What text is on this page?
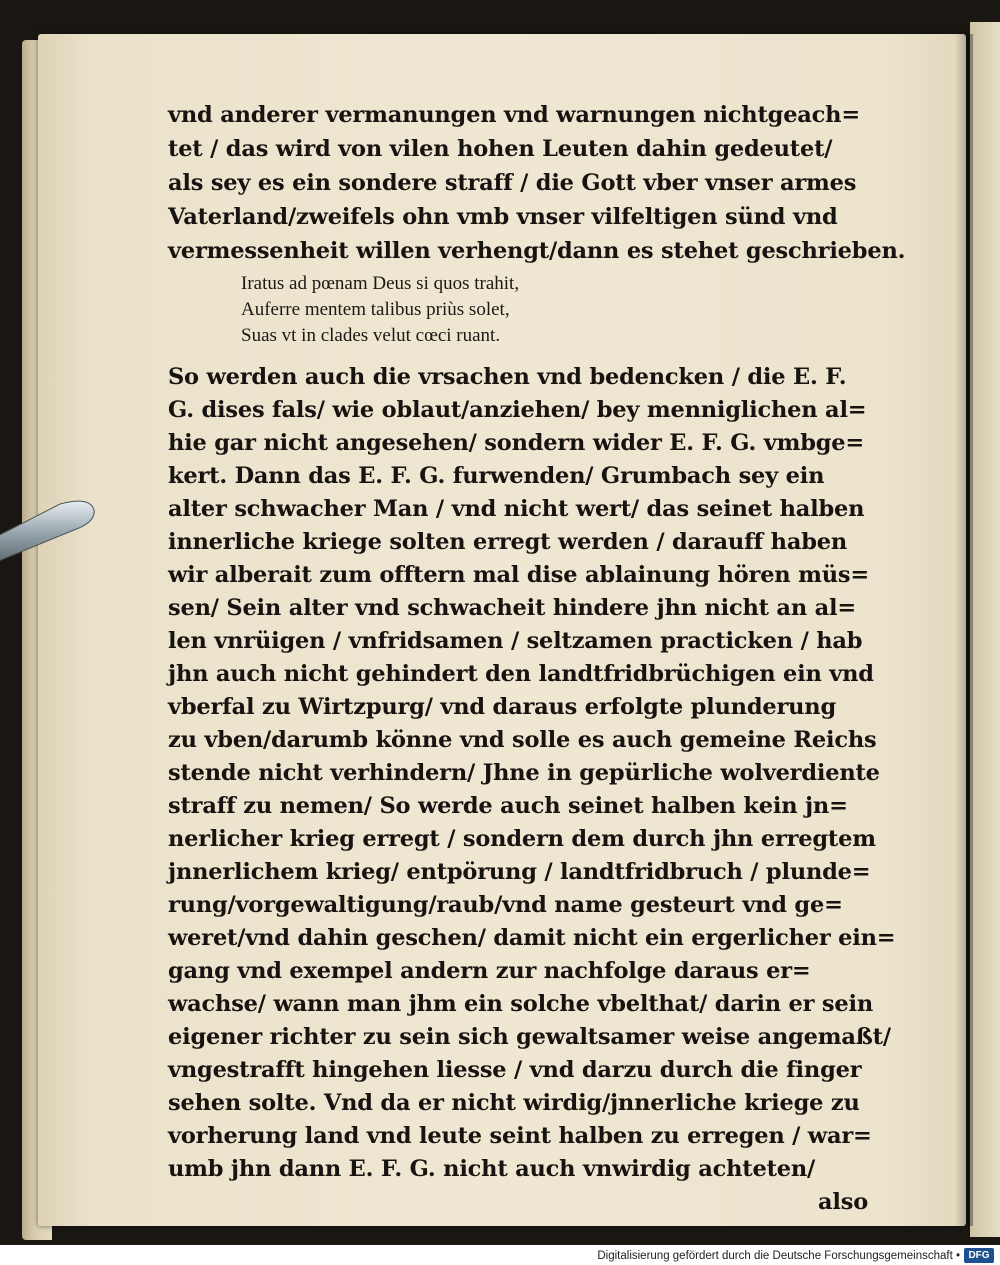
vnd anderer vermanungen vnd warnungen nichtgeach=
tet / das wird von vilen hohen Leuten dahin gedeutet/
als sey es ein sondere straff / die Gott vber vnser armes
Vaterland/zweifels ohn vmb vnser vilfeltigen sünd vnd
vermessenheit willen verhengt/dann es stehet geschrieben.
Iratus ad pœnam Deus si quos trahit,
Auferre mentem talibus priùs solet,
Suas vt in clades velut cœci ruant.
So werden auch die vrsachen vnd bedencken / die E. F.
G. dises fals/ wie oblaut/anziehen/ bey menniglichen al=
hie gar nicht angesehen/ sondern wider E. F. G. vmbge=
kert. Dann das E. F. G. furwenden/ Grumbach sey ein
alter schwacher Man / vnd nicht wert/ das seinet halben
innerliche kriege solten erregt werden / darauff haben
wir alberait zum offtern mal dise ablainung hören müs=
sen/ Sein alter vnd schwacheit hindere jhn nicht an al=
len vnrüigen / vnfridsamen / seltzamen practicken / hab
jhn auch nicht gehindert den landtfridbrüchigen ein vnd
vberfal zu Wirtzpurg/ vnd daraus erfolgte plunderung
zu vben/darumb könne vnd solle es auch gemeine Reichs
stende nicht verhindern/ Jhne in gepürliche wolverdiente
straff zu nemen/ So werde auch seinet halben kein jn=
nerlicher krieg erregt / sondern dem durch jhn erregtem
jnnerlichem krieg/ entpörung / landtfridbruch / plunde=
rung/vorgewaltigung/raub/vnd name gesteurt vnd ge=
weret/vnd dahin geschen/ damit nicht ein ergerlicher ein=
gang vnd exempel andern zur nachfolge daraus er=
wachse/ wann man jhm ein solche vbelthat/ darin er sein
eigener richter zu sein sich gewaltsamer weise angemaßt/
vngestrafft hingehen liesse / vnd darzu durch die finger
sehen solte. Vnd da er nicht wirdig/jnnerliche kriege zu
vorherung land vnd leute seint halben zu erregen / war=
umb jhn dann E. F. G. nicht auch vnwirdig achteten/
also
Digitalisierung gefördert durch die Deutsche Forschungsgemeinschaft • DFG
